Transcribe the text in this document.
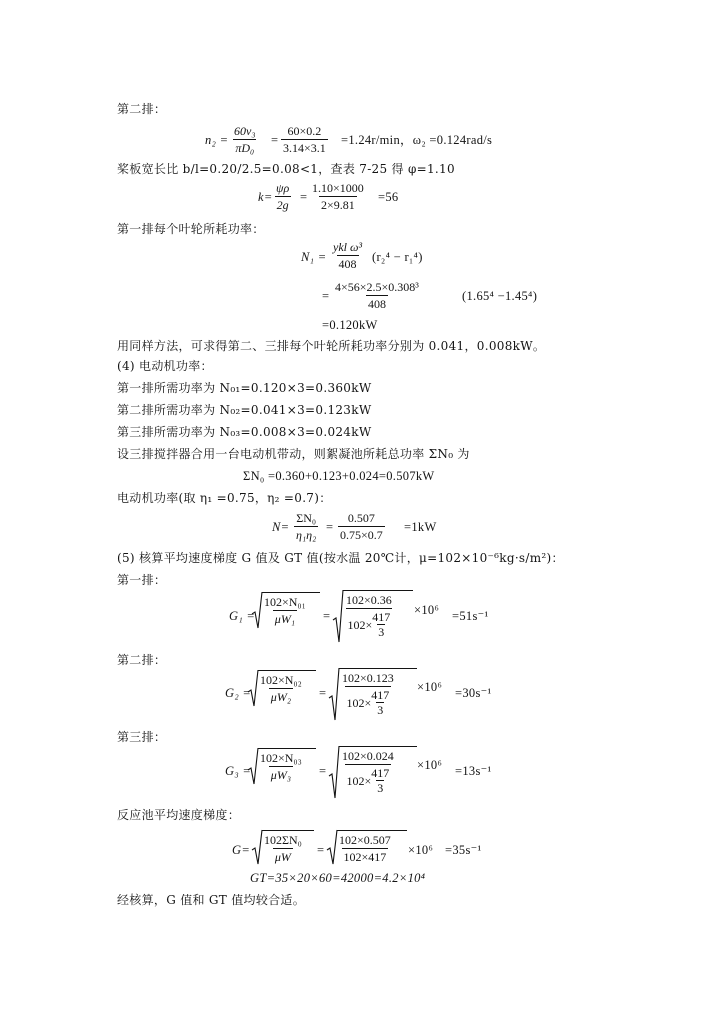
第二排：
$n_2 = \frac{\text{60v₃}}{\text{πD₀}} = \frac{60\times 0.2}{3.14\times 3.1} =1.24r/\min$，ω₂ =0.124rad/s
桨板宽长比 b/l=0.20/2.5=0.08<1，查表 7-25 得 φ=1.10
$k= \frac{\psi\rho}{2g} = \frac{1.10\times 1000}{2\times 9.81} =56$
第一排每个叶轮所耗功率：
N₁ =
ykl ω³
408 (r₂⁴ − r₁⁴)
= $\frac{\text{4×56×2.5×0.308³}}{408}$	(1.65⁴ −1.45⁴)
=0.120kW
用同样方法，可求得第二、三排每个叶轮所耗功率分别为 0.041，0.008kW。
(4) 电动机功率：
第一排所需功率为 N₀₁=0.120×3=0.360kW
第二排所需功率为 N₀₂=0.041×3=0.123kW
第三排所需功率为 N₀₃=0.008×3=0.024kW
设三排搅拌器合用一台电动机带动，则絮凝池所耗总功率 ΣN₀ 为
ΣN₀ =0.360+0.123+0.024=0.507kW
电动机功率(取 η₁ =0.75，η₂ =0.7)：
$N= \frac{\text{ΣN₀}}{\text{η₁η₂}} = \frac{0.507}{0.75\times 0.7} =1kW$
(5) 核算平均速度梯度 G 值及 GT 值(按水温 20℃计，μ=102×10⁻⁶kg·s/m²)：
第一排：
$G_1 = \frac{\text{102×N₀₁}}{\text{μW₁}} = \frac{102\times 0.36}{102\times \frac{417}{3}} \times 10^6 =51s^{-1}$
第二排：
$G_2 = \frac{\text{102×N₀₂}}{\text{μW₂}} = \frac{102\times 0.123}{102\times \frac{417}{3}} \times 10^6 =30s^{-1}$
第三排：
$G_3 = \frac{\text{102×N₀₃}}{\text{μW₃}} = \frac{102\times 0.024}{102\times \frac{417}{3}} \times 10^6 =13s^{-1}$
反应池平均速度梯度：
$G= \frac{\text{102ΣN₀}}{\mu W} = \frac{102\times 0.507}{102\times 417} \times 10^6 =35s^{-1}$
GT=35×20×60=42000=4.2×10⁴
经核算，G 值和 GT 值均较合适。
